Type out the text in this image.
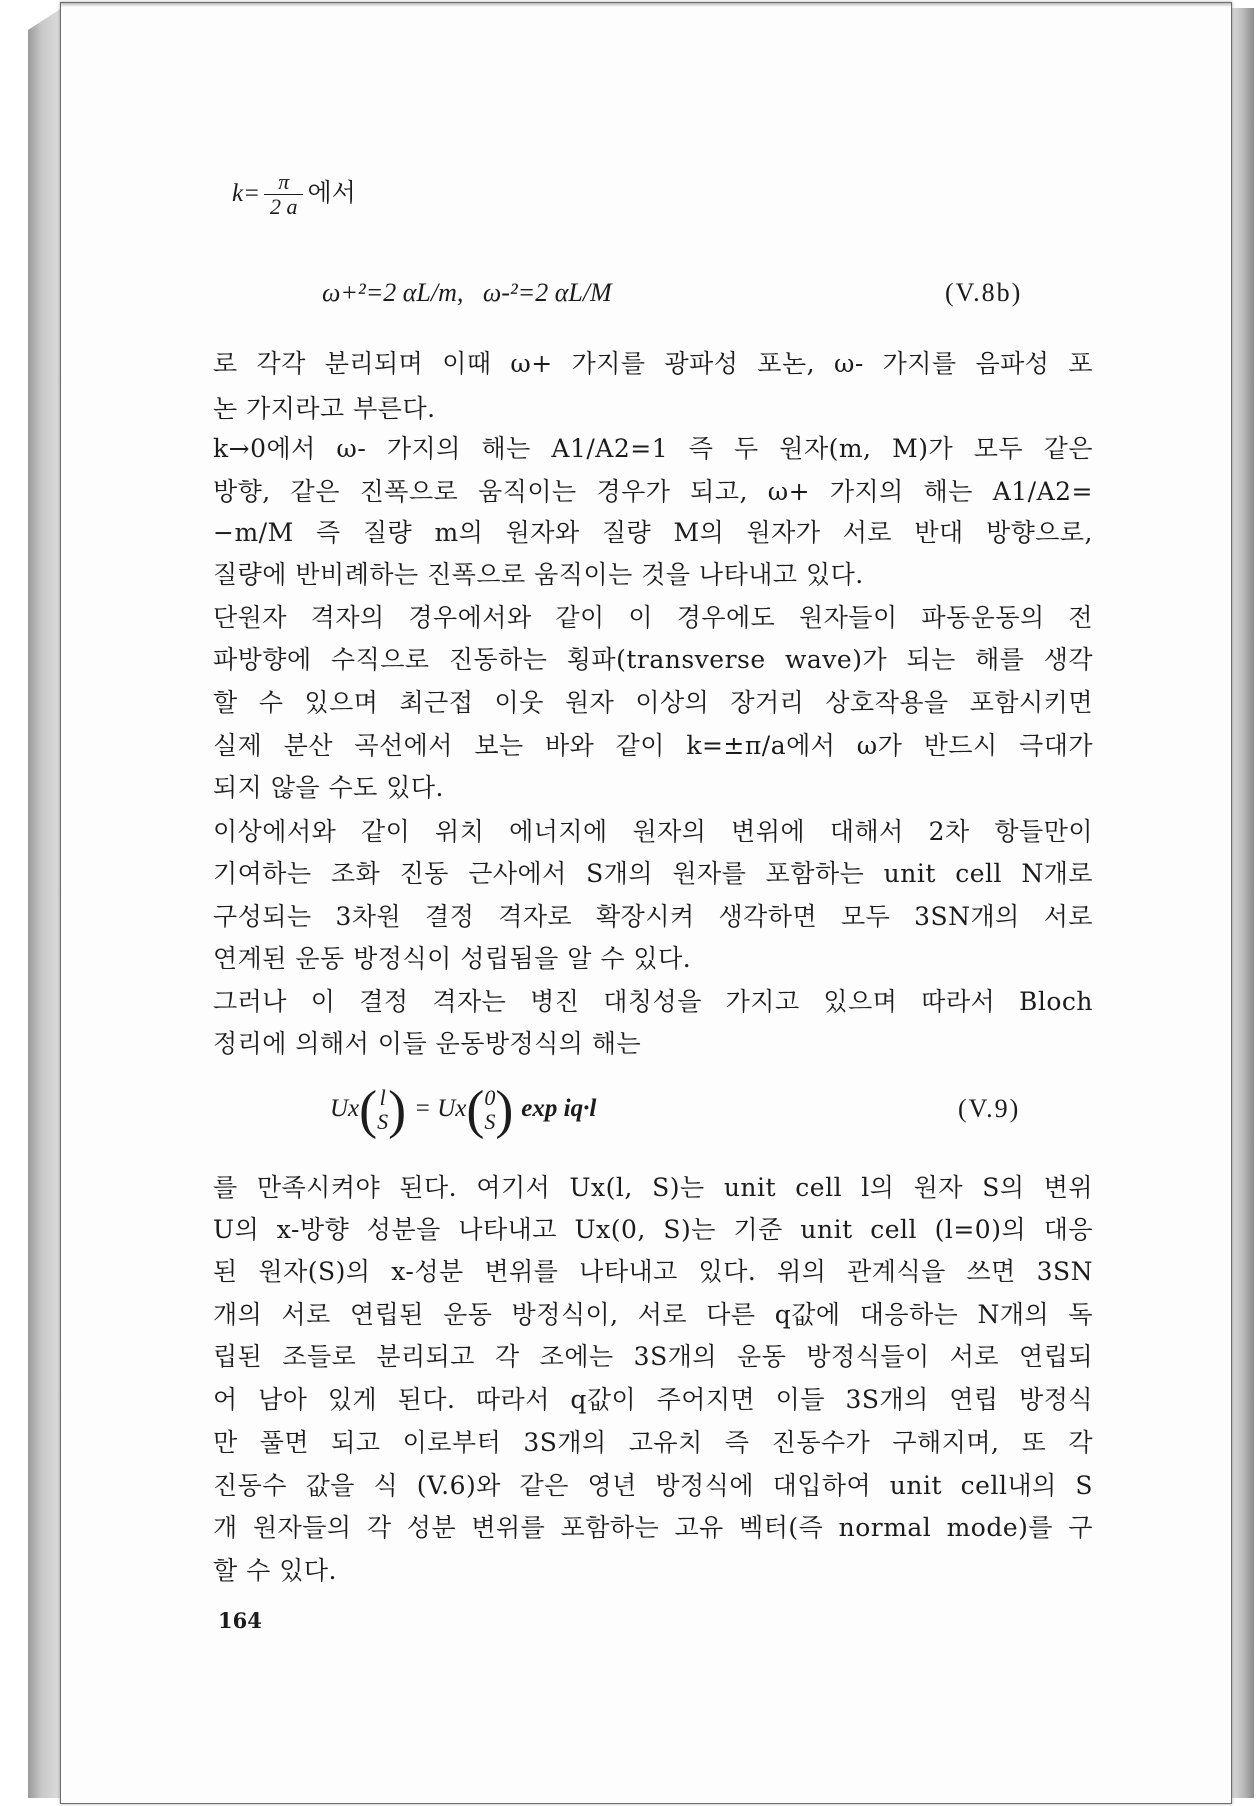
$k= \frac{\pi}{2 a}$ 에서
ω+²=2 αL/m,   ω-²=2 αL/M	(V.8b)
로 각각 분리되며 이때 ω+ 가지를 광파성 포논, ω- 가지를 음파성 포
논 가지라고 부른다.
k→0에서 ω- 가지의 해는 A1/A2=1 즉 두 원자(m, M)가 모두 같은
방향, 같은 진폭으로 움직이는 경우가 되고, ω+ 가지의 해는 A1/A2=
−m/M 즉 질량 m의 원자와 질량 M의 원자가 서로 반대 방향으로,
질량에 반비례하는 진폭으로 움직이는 것을 나타내고 있다.
단원자 격자의 경우에서와 같이 이 경우에도 원자들이 파동운동의 전
파방향에 수직으로 진동하는 횡파(transverse wave)가 되는 해를 생각
할 수 있으며 최근접 이웃 원자 이상의 장거리 상호작용을 포함시키면
실제 분산 곡선에서 보는 바와 같이 k=±π/a에서 ω가 반드시 극대가
되지 않을 수도 있다.
이상에서와 같이 위치 에너지에 원자의 변위에 대해서 2차 항들만이
기여하는 조화 진동 근사에서 S개의 원자를 포함하는 unit cell N개로
구성되는 3차원 결정 격자로 확장시켜 생각하면 모두 3SN개의 서로
연계된 운동 방정식이 성립됨을 알 수 있다.
그러나 이 결정 격자는 병진 대칭성을 가지고 있으며 따라서 Bloch
정리에 의해서 이들 운동방정식의 해는
Ux( l
S ) = Ux( 0
S ) exp iq·l	(V.9)
를 만족시켜야 된다. 여기서 Ux(l, S)는 unit cell l의 원자 S의 변위
U의 x-방향 성분을 나타내고 Ux(0, S)는 기준 unit cell (l=0)의 대응
된 원자(S)의 x-성분 변위를 나타내고 있다. 위의 관계식을 쓰면 3SN
개의 서로 연립된 운동 방정식이, 서로 다른 q값에 대응하는 N개의 독
립된 조들로 분리되고 각 조에는 3S개의 운동 방정식들이 서로 연립되
어 남아 있게 된다. 따라서 q값이 주어지면 이들 3S개의 연립 방정식
만 풀면 되고 이로부터 3S개의 고유치 즉 진동수가 구해지며, 또 각
진동수 값을 식 (V.6)와 같은 영년 방정식에 대입하여 unit cell내의 S
개 원자들의 각 성분 변위를 포함하는 고유 벡터(즉 normal mode)를 구
할 수 있다.
164
